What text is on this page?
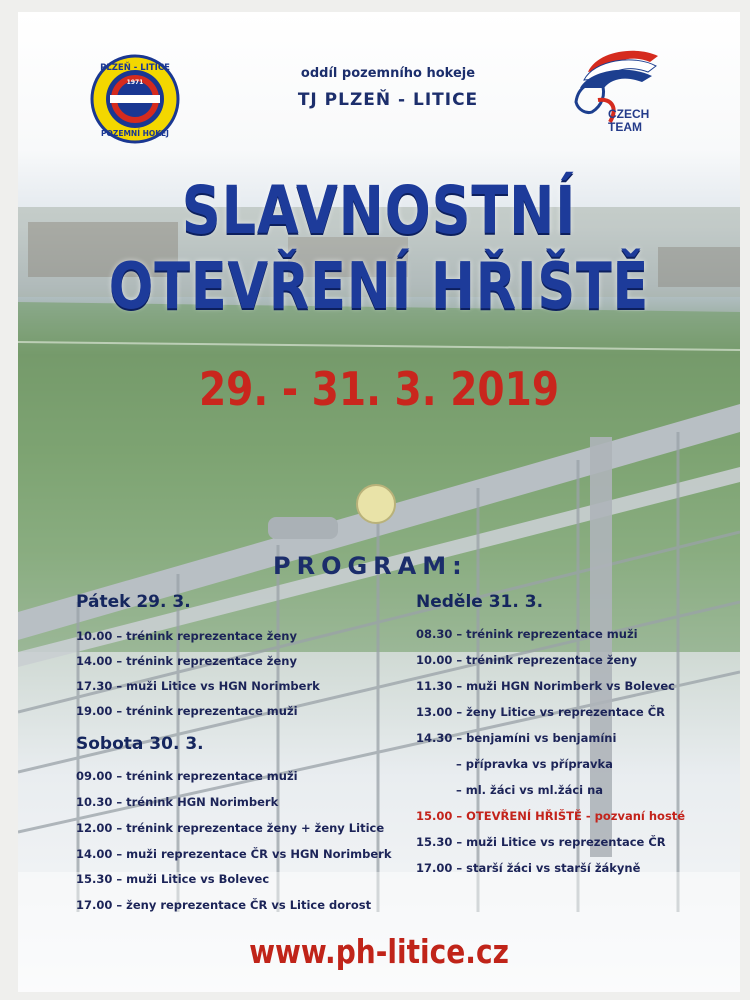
PLZEŇ - LITICE
1971
POZEMNÍ HOKEJ
oddíl pozemního hokeje
TJ PLZEŇ - LITICE
CZECH
TEAM
SLAVNOSTNÍ
OTEVŘENÍ HŘIŠTĚ
29. - 31. 3. 2019
PROGRAM:
Pátek 29. 3.
10.00 – trénink reprezentace ženy
14.00 – trénink reprezentace ženy
17.30 – muži Litice vs HGN Norimberk
19.00 – trénink reprezentace muži
Sobota 30. 3.
09.00 – trénink reprezentace muži
10.30 – trénink HGN Norimberk
12.00 – trénink reprezentace ženy + ženy Litice
14.00 – muži reprezentace ČR vs HGN Norimberk
15.30 – muži Litice vs Bolevec
17.00 – ženy reprezentace ČR vs Litice dorost
Neděle 31. 3.
08.30 – trénink reprezentace muži
10.00 – trénink reprezentace ženy
11.30 – muži HGN Norimberk vs Bolevec
13.00 – ženy Litice vs reprezentace ČR
14.30 – benjamíni vs benjamíni
– přípravka vs přípravka
– ml. žáci vs ml.žáci na
15.00 – OTEVŘENÍ HŘIŠTĚ - pozvaní hosté
15.30 – muži Litice vs reprezentace ČR
17.00 – starší žáci vs starší žákyně
www.ph-litice.cz
